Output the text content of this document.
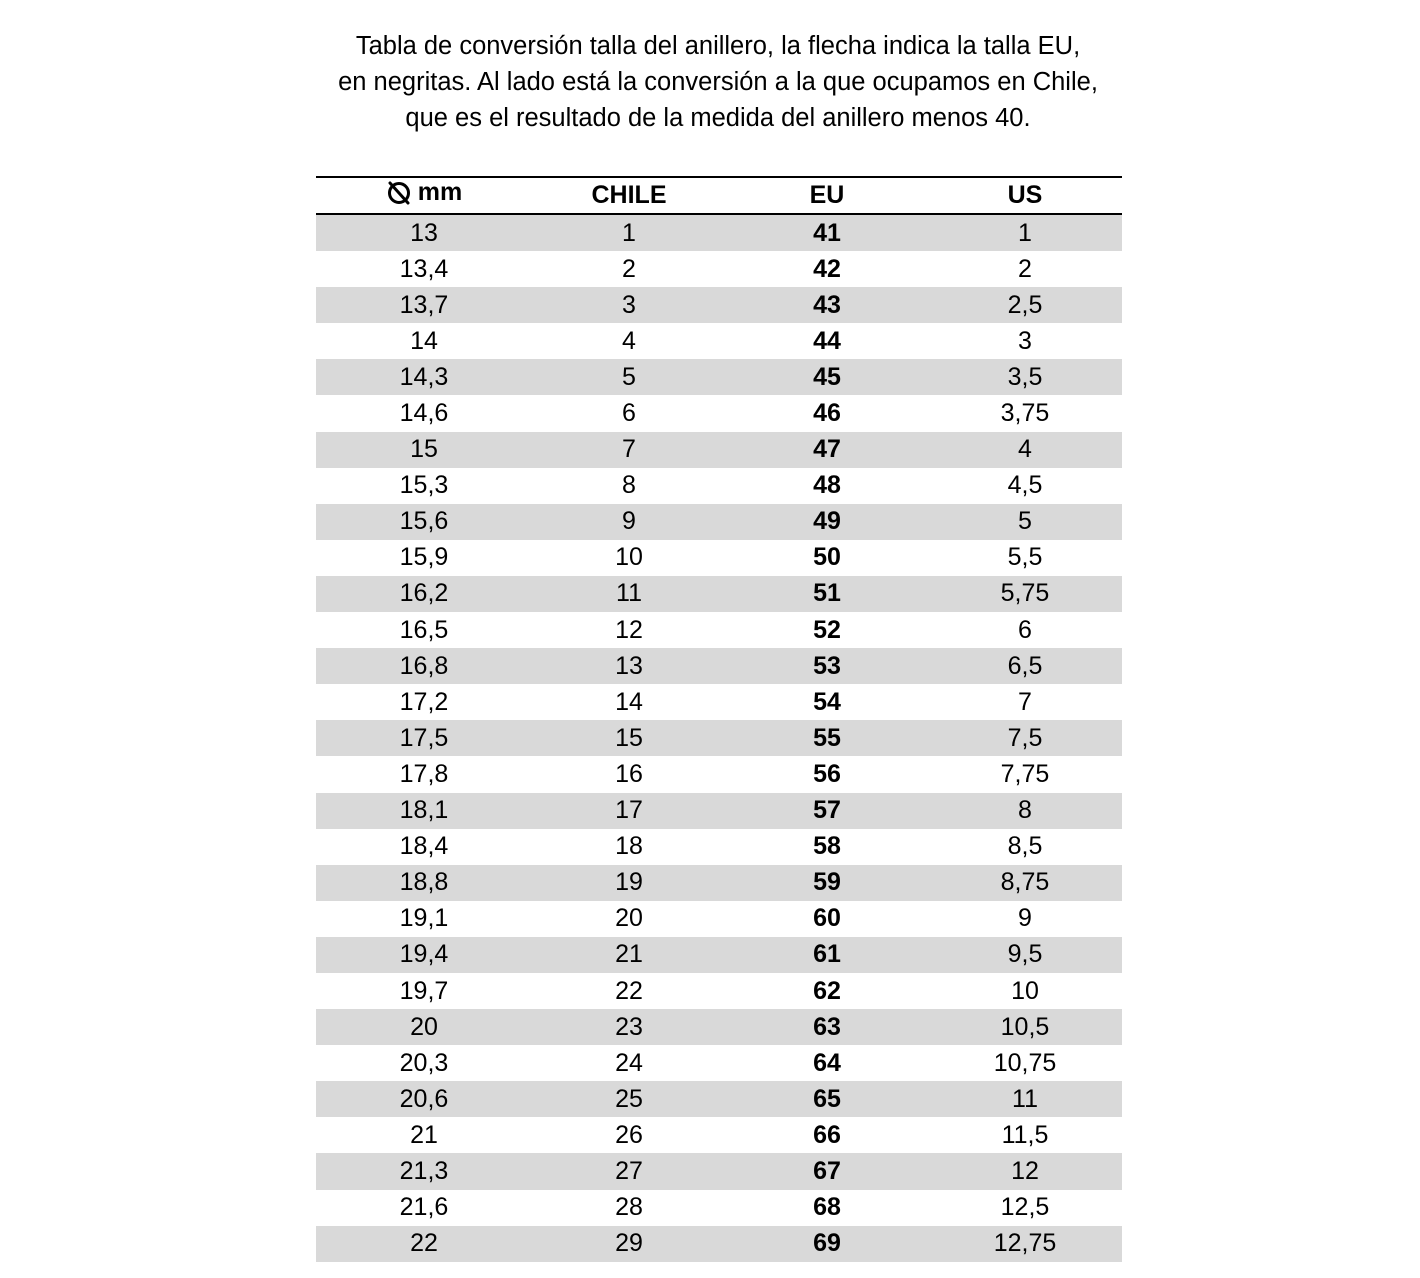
Tabla de conversión talla del anillero, la flecha indica la talla EU,
en negritas. Al lado está la conversión a la que ocupamos en Chile,
que es el resultado de la medida del anillero menos 40.
mm	CHILE	EU	US
13	1	41	1
13,4	2	42	2
13,7	3	43	2,5
14	4	44	3
14,3	5	45	3,5
14,6	6	46	3,75
15	7	47	4
15,3	8	48	4,5
15,6	9	49	5
15,9	10	50	5,5
16,2	11	51	5,75
16,5	12	52	6
16,8	13	53	6,5
17,2	14	54	7
17,5	15	55	7,5
17,8	16	56	7,75
18,1	17	57	8
18,4	18	58	8,5
18,8	19	59	8,75
19,1	20	60	9
19,4	21	61	9,5
19,7	22	62	10
20	23	63	10,5
20,3	24	64	10,75
20,6	25	65	11
21	26	66	11,5
21,3	27	67	12
21,6	28	68	12,5
22	29	69	12,75
